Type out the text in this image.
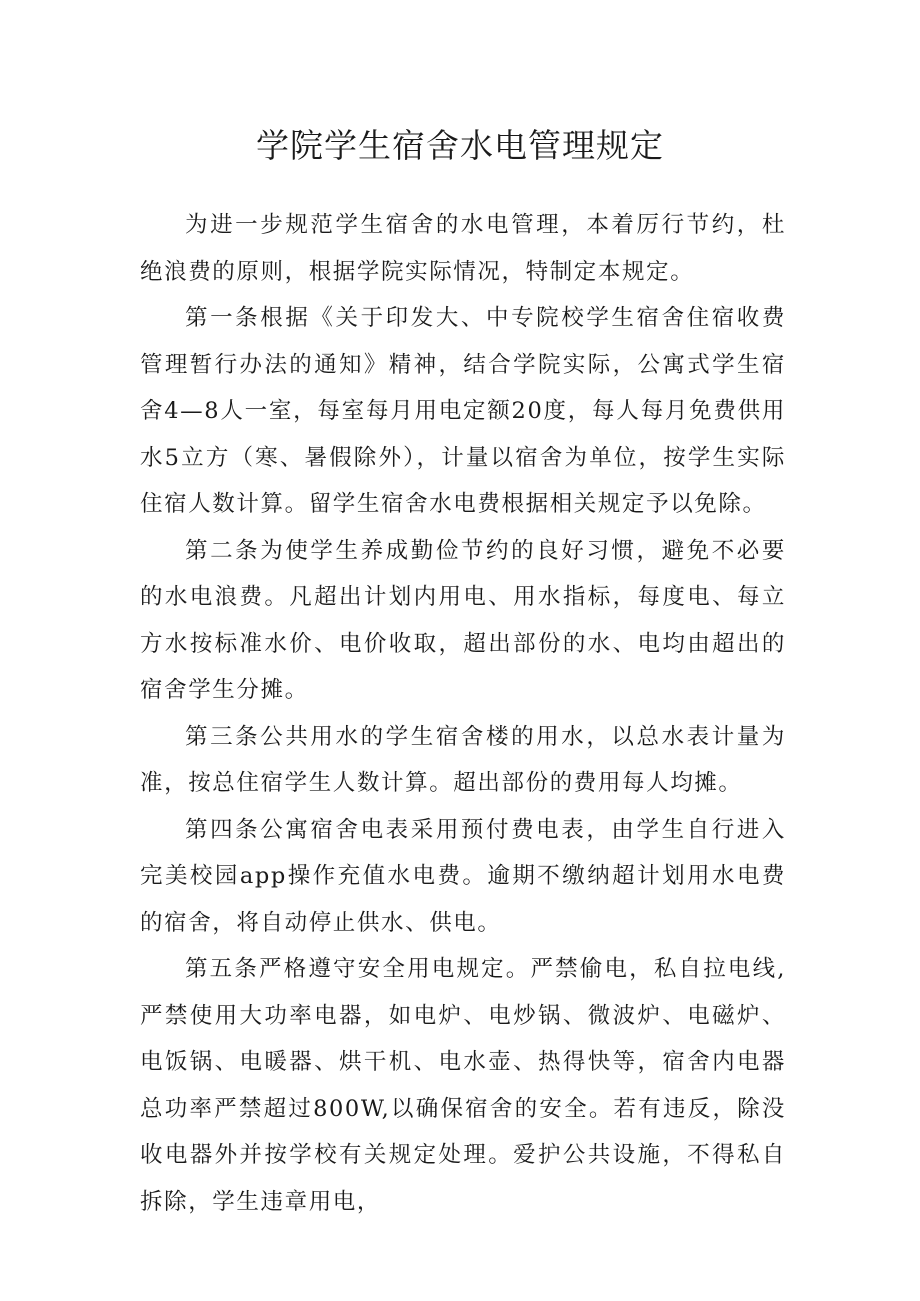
学院学生宿舍水电管理规定

为进一步规范学生宿舍的水电管理，本着厉行节约，杜绝浪费的原则，根据学院实际情况，特制定本规定。

第一条根据《关于印发大、中专院校学生宿舍住宿收费管理暂行办法的通知》精神，结合学院实际，公寓式学生宿舍4—8人一室，每室每月用电定额20度，每人每月免费供用水5立方（寒、暑假除外），计量以宿舍为单位，按学生实际住宿人数计算。留学生宿舍水电费根据相关规定予以免除。

第二条为使学生养成勤俭节约的良好习惯，避免不必要的水电浪费。凡超出计划内用电、用水指标，每度电、每立方水按标准水价、电价收取，超出部份的水、电均由超出的宿舍学生分摊。

第三条公共用水的学生宿舍楼的用水，以总水表计量为准，按总住宿学生人数计算。超出部份的费用每人均摊。

第四条公寓宿舍电表采用预付费电表，由学生自行进入完美校园app操作充值水电费。逾期不缴纳超计划用水电费的宿舍，将自动停止供水、供电。

第五条严格遵守安全用电规定。严禁偷电，私自拉电线,严禁使用大功率电器，如电炉、电炒锅、微波炉、电磁炉、电饭锅、电暖器、烘干机、电水壶、热得快等，宿舍内电器总功率严禁超过800W,以确保宿舍的安全。若有违反，除没收电器外并按学校有关规定处理。爱护公共设施，不得私自拆除，学生违章用电，
